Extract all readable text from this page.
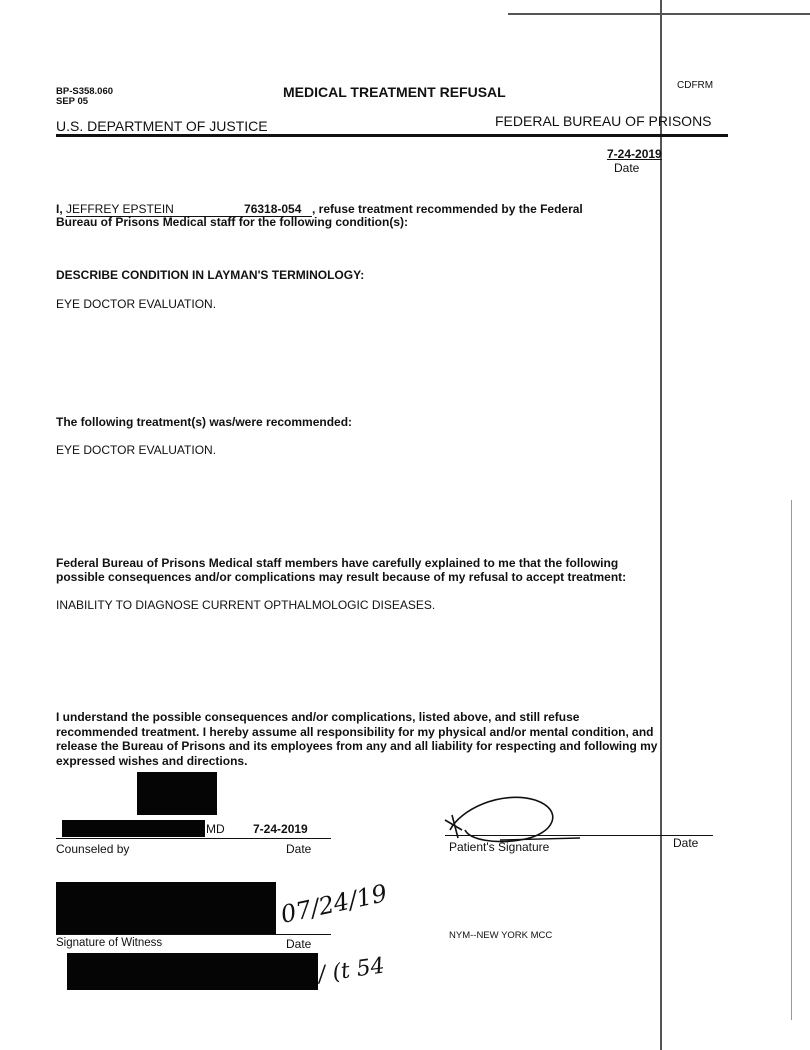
BP-S358.060
SEP 05
MEDICAL TREATMENT REFUSAL	CDFRM
U.S. DEPARTMENT OF JUSTICE	FEDERAL BUREAU OF PRISONS
7-24-2019
Date
I, JEFFREY EPSTEIN	76318-054 , refuse treatment recommended by the Federal
Bureau of Prisons Medical staff for the following condition(s):
DESCRIBE CONDITION IN LAYMAN'S TERMINOLOGY:
EYE DOCTOR EVALUATION.
The following treatment(s) was/were recommended:
EYE DOCTOR EVALUATION.
Federal Bureau of Prisons Medical staff members have carefully explained to me that the following
possible consequences and/or complications may result because of my refusal to accept treatment:
INABILITY TO DIAGNOSE CURRENT OPTHALMOLOGIC DISEASES.
I understand the possible consequences and/or complications, listed above, and still refuse
recommended treatment. I hereby assume all responsibility for my physical and/or mental condition, and
release the Bureau of Prisons and its employees from any and all liability for respecting and following my
expressed wishes and directions.
MD 7-24-2019
Counseled by	Date	Patient's Signature	Date
07/24/19
Signature of Witness	Date
NYM--NEW YORK MCC
/ (t 54
